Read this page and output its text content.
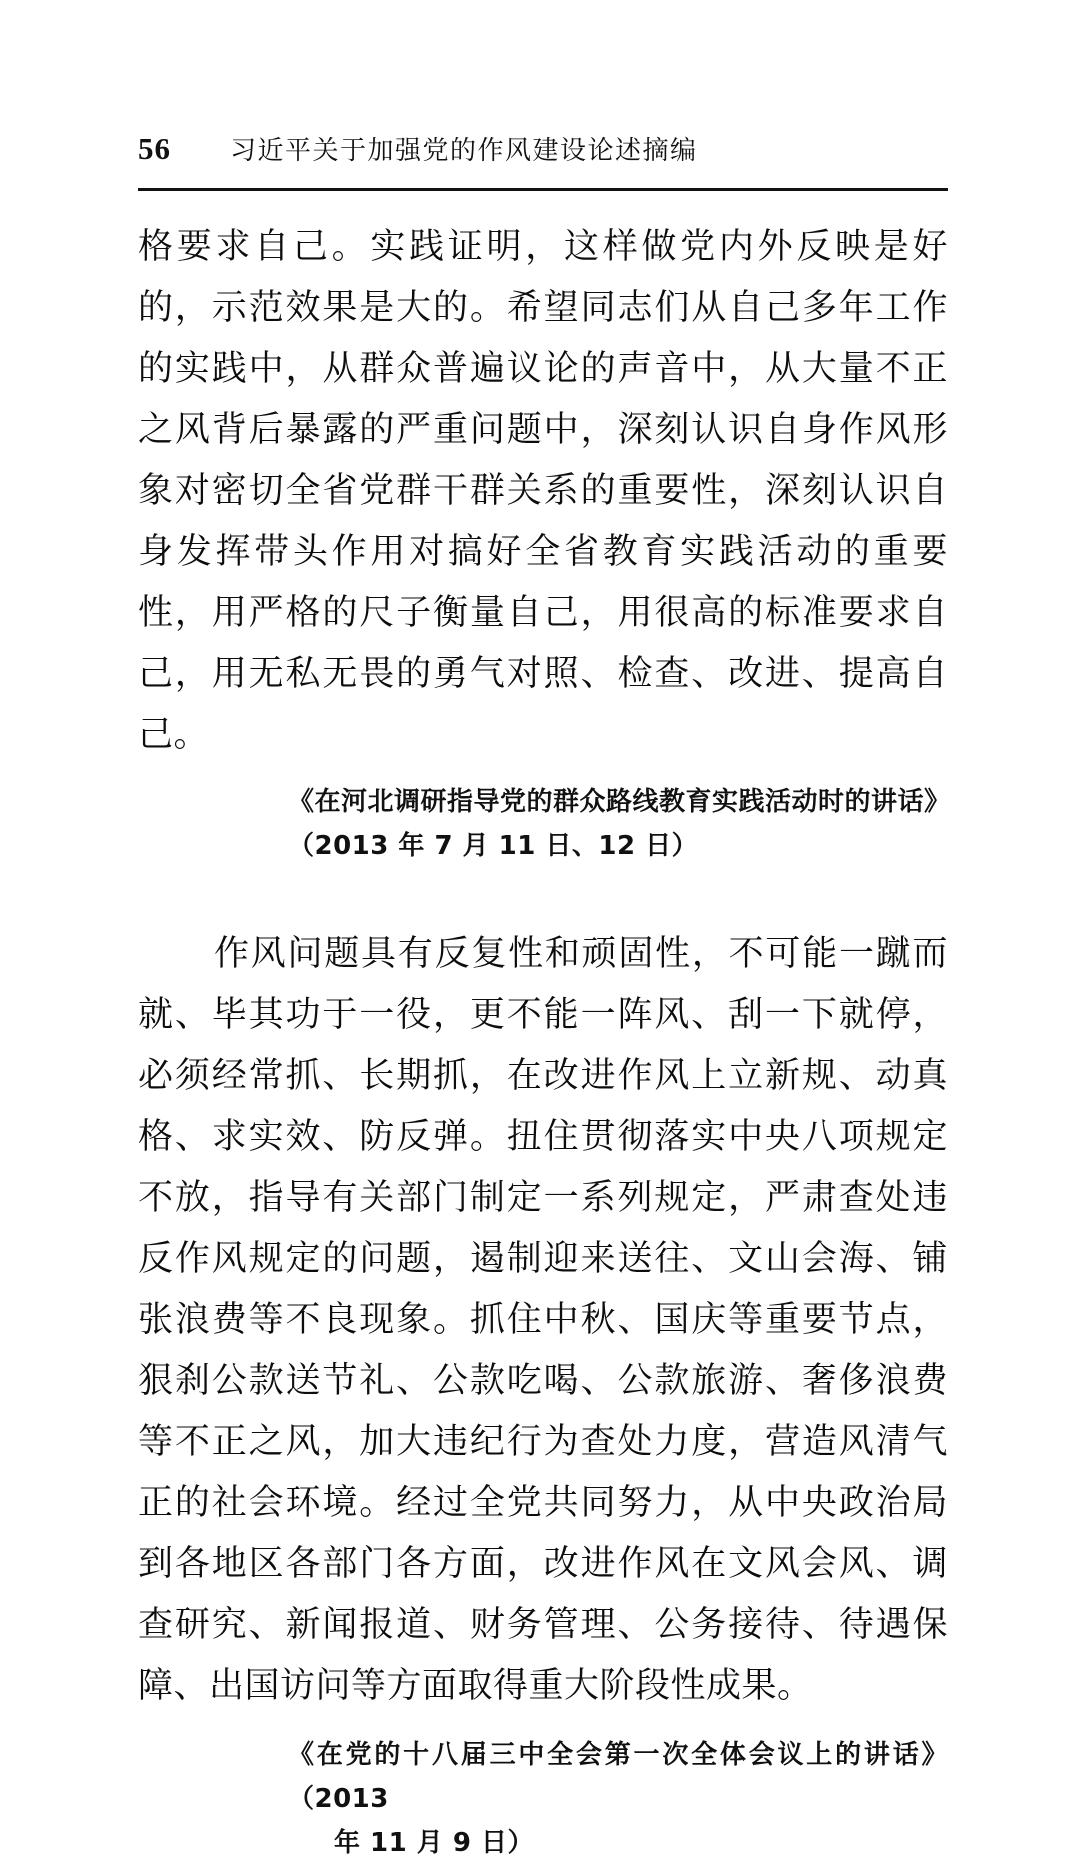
56	习近平关于加强党的作风建设论述摘编

格要求自己。实践证明，这样做党内外反映是好的，示范效果是大的。希望同志们从自己多年工作的实践中，从群众普遍议论的声音中，从大量不正之风背后暴露的严重问题中，深刻认识自身作风形象对密切全省党群干群关系的重要性，深刻认识自身发挥带头作用对搞好全省教育实践活动的重要性，用严格的尺子衡量自己，用很高的标准要求自己，用无私无畏的勇气对照、检查、改进、提高自己。

《在河北调研指导党的群众路线教育实践活动时的讲话》
（2013 年 7 月 11 日、12 日）

作风问题具有反复性和顽固性，不可能一蹴而就、毕其功于一役，更不能一阵风、刮一下就停，必须经常抓、长期抓，在改进作风上立新规、动真格、求实效、防反弹。扭住贯彻落实中央八项规定不放，指导有关部门制定一系列规定，严肃查处违反作风规定的问题，遏制迎来送往、文山会海、铺张浪费等不良现象。抓住中秋、国庆等重要节点，狠刹公款送节礼、公款吃喝、公款旅游、奢侈浪费等不正之风，加大违纪行为查处力度，营造风清气正的社会环境。经过全党共同努力，从中央政治局到各地区各部门各方面，改进作风在文风会风、调查研究、新闻报道、财务管理、公务接待、待遇保障、出国访问等方面取得重大阶段性成果。

《在党的十八届三中全会第一次全体会议上的讲话》（2013
年 11 月 9 日）
